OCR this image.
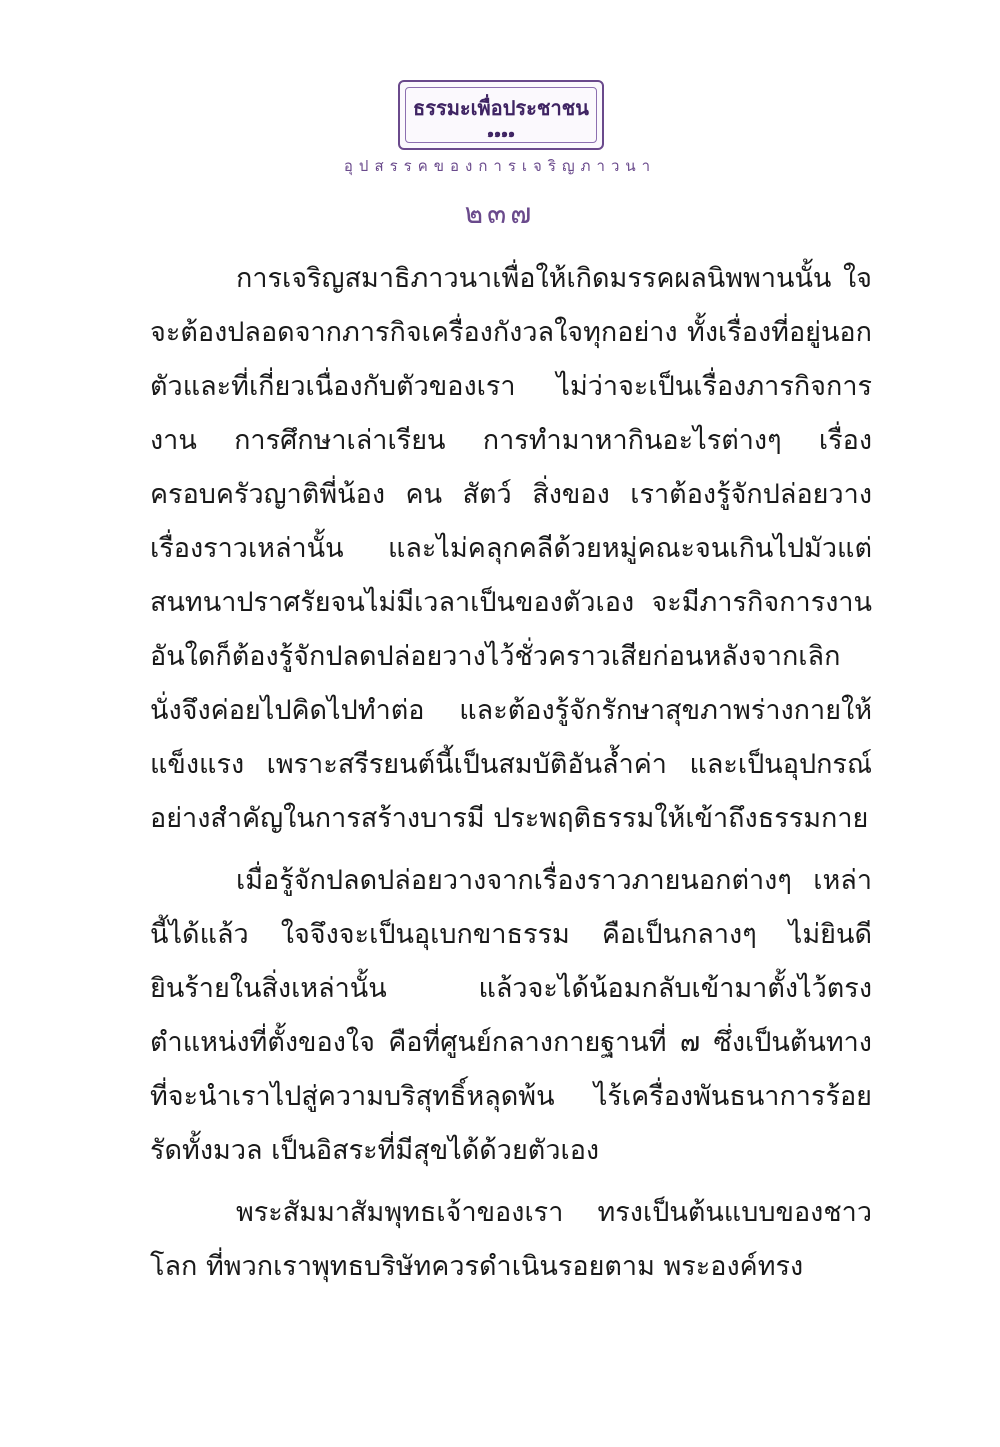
ธรรมะเพื่อประชาชน
๑๑๑๑
อุปสรรคของการเจริญภาวนา
๒๓๗

การเจริญสมาธิภาวนาเพื่อให้เกิดมรรคผลนิพพานนั้น ใจจะต้องปลอดจากภารกิจเครื่องกังวลใจทุกอย่าง ทั้งเรื่องที่อยู่นอกตัวและที่เกี่ยวเนื่องกับตัวของเรา ไม่ว่าจะเป็นเรื่องภารกิจการงาน การศึกษาเล่าเรียน การทำมาหากินอะไรต่างๆ เรื่องครอบครัวญาติพี่น้อง คน สัตว์ สิ่งของ เราต้องรู้จักปล่อยวางเรื่องราวเหล่านั้น และไม่คลุกคลีด้วยหมู่คณะจนเกินไปมัวแต่สนทนาปราศรัยจนไม่มีเวลาเป็นของตัวเอง จะมีภารกิจการงานอันใดก็ต้องรู้จักปลดปล่อยวางไว้ชั่วคราวเสียก่อนหลังจากเลิกนั่งจึงค่อยไปคิดไปทำต่อ และต้องรู้จักรักษาสุขภาพร่างกายให้แข็งแรง เพราะสรีรยนต์นี้เป็นสมบัติอันล้ำค่า และเป็นอุปกรณ์อย่างสำคัญในการสร้างบารมี ประพฤติธรรมให้เข้าถึงธรรมกาย

เมื่อรู้จักปลดปล่อยวางจากเรื่องราวภายนอกต่างๆ เหล่านี้ได้แล้ว ใจจึงจะเป็นอุเบกขาธรรม คือเป็นกลางๆ ไม่ยินดียินร้ายในสิ่งเหล่านั้น แล้วจะได้น้อมกลับเข้ามาตั้งไว้ตรงตำแหน่งที่ตั้งของใจ คือที่ศูนย์กลางกายฐานที่ ๗ ซึ่งเป็นต้นทางที่จะนำเราไปสู่ความบริสุทธิ์หลุดพ้น ไร้เครื่องพันธนาการร้อยรัดทั้งมวล เป็นอิสระที่มีสุขได้ด้วยตัวเอง

พระสัมมาสัมพุทธเจ้าของเรา ทรงเป็นต้นแบบของชาวโลก ที่พวกเราพุทธบริษัทควรดำเนินรอยตาม พระองค์ทรง
